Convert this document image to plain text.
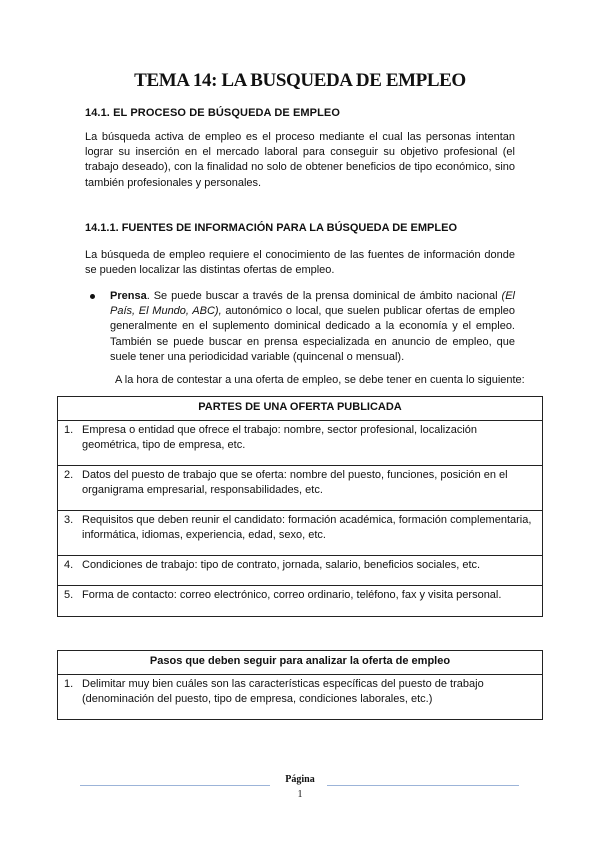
TEMA 14: LA BUSQUEDA DE EMPLEO
14.1. EL PROCESO DE BÚSQUEDA DE EMPLEO
La búsqueda activa de empleo es el proceso mediante el cual las personas intentan lograr su inserción en el mercado laboral para conseguir su objetivo profesional (el trabajo deseado), con la finalidad no solo de obtener beneficios de tipo económico, sino también profesionales y personales.
14.1.1. FUENTES DE INFORMACIÓN PARA LA BÚSQUEDA DE EMPLEO
La búsqueda de empleo requiere el conocimiento de las fuentes de información donde se pueden localizar las distintas ofertas de empleo.
Prensa. Se puede buscar a través de la prensa dominical de ámbito nacional (El País, El Mundo, ABC), autonómico o local, que suelen publicar ofertas de empleo generalmente en el suplemento dominical dedicado a la economía y el empleo. También se puede buscar en prensa especializada en anuncio de empleo, que suele tener una periodicidad variable (quincenal o mensual).
A la hora de contestar a una oferta de empleo, se debe tener en cuenta lo siguiente:
PARTES DE UNA OFERTA PUBLICADA

1. Empresa o entidad que ofrece el trabajo: nombre, sector profesional, localización geométrica, tipo de empresa, etc.

2. Datos del puesto de trabajo que se oferta: nombre del puesto, funciones, posición en el organigrama empresarial, responsabilidades, etc.

3. Requisitos que deben reunir el candidato: formación académica, formación complementaria, informática, idiomas, experiencia, edad, sexo, etc.

4. Condiciones de trabajo: tipo de contrato, jornada, salario, beneficios sociales, etc.

5. Forma de contacto: correo electrónico, correo ordinario, teléfono, fax y visita personal.
Pasos que deben seguir para analizar la oferta de empleo

1. Delimitar muy bien cuáles son las características específicas del puesto de trabajo (denominación del puesto, tipo de empresa, condiciones laborales, etc.)
Página
1
